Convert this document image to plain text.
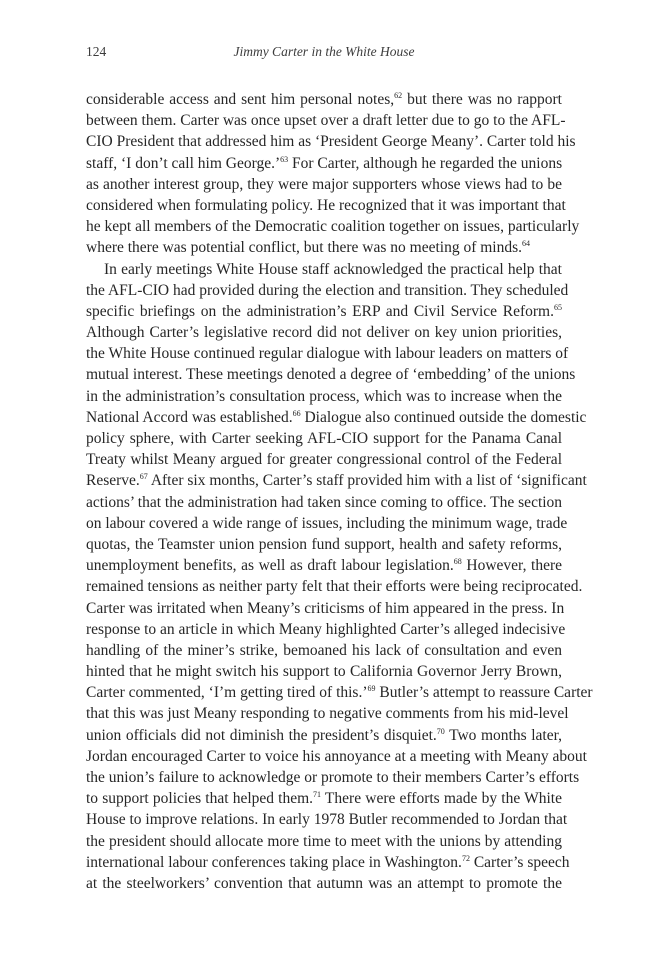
124	Jimmy Carter in the White House
considerable access and sent him personal notes,$^{62}$ but there was no rapport
between them. Carter was once upset over a draft letter due to go to the AFL-
CIO President that addressed him as ‘President George Meany’. Carter told his
staff, ‘I don’t call him George.’$^{63}$ For Carter, although he regarded the unions
as another interest group, they were major supporters whose views had to be
considered when formulating policy. He recognized that it was important that
he kept all members of the Democratic coalition together on issues, particularly
where there was potential conflict, but there was no meeting of minds.$^{64}$
In early meetings White House staff acknowledged the practical help that
the AFL-CIO had provided during the election and transition. They scheduled
specific briefings on the administration’s ERP and Civil Service Reform.$^{65}$
Although Carter’s legislative record did not deliver on key union priorities,
the White House continued regular dialogue with labour leaders on matters of
mutual interest. These meetings denoted a degree of ‘embedding’ of the unions
in the administration’s consultation process, which was to increase when the
National Accord was established.$^{66}$ Dialogue also continued outside the domestic
policy sphere, with Carter seeking AFL-CIO support for the Panama Canal
Treaty whilst Meany argued for greater congressional control of the Federal
Reserve.$^{67}$ After six months, Carter’s staff provided him with a list of ‘significant
actions’ that the administration had taken since coming to office. The section
on labour covered a wide range of issues, including the minimum wage, trade
quotas, the Teamster union pension fund support, health and safety reforms,
unemployment benefits, as well as draft labour legislation.$^{68}$ However, there
remained tensions as neither party felt that their efforts were being reciprocated.
Carter was irritated when Meany’s criticisms of him appeared in the press. In
response to an article in which Meany highlighted Carter’s alleged indecisive
handling of the miner’s strike, bemoaned his lack of consultation and even
hinted that he might switch his support to California Governor Jerry Brown,
Carter commented, ‘I’m getting tired of this.’$^{69}$ Butler’s attempt to reassure Carter
that this was just Meany responding to negative comments from his mid-level
union officials did not diminish the president’s disquiet.$^{70}$ Two months later,
Jordan encouraged Carter to voice his annoyance at a meeting with Meany about
the union’s failure to acknowledge or promote to their members Carter’s efforts
to support policies that helped them.$^{71}$ There were efforts made by the White
House to improve relations. In early 1978 Butler recommended to Jordan that
the president should allocate more time to meet with the unions by attending
international labour conferences taking place in Washington.$^{72}$ Carter’s speech
at the steelworkers’ convention that autumn was an attempt to promote the
